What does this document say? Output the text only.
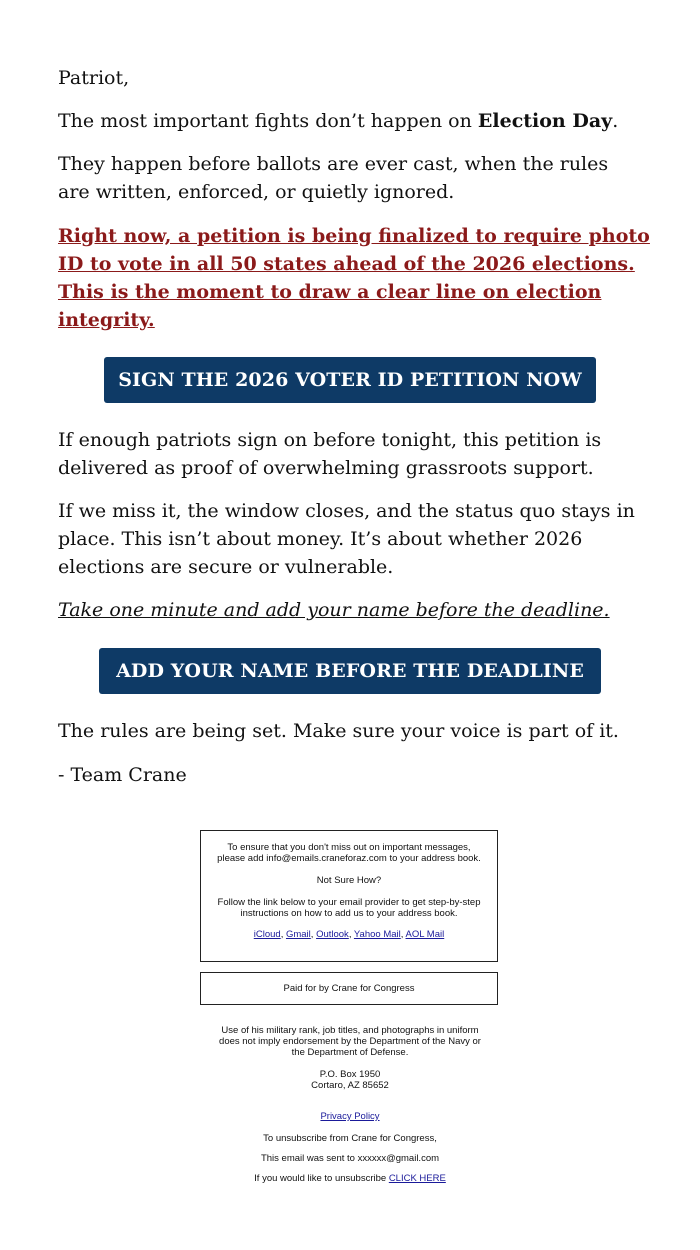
Patriot,
The most important fights don’t happen on Election Day.
They happen before ballots are ever cast, when the rules are written, enforced, or quietly ignored.
Right now, a petition is being finalized to require photo ID to vote in all 50 states ahead of the 2026 elections. This is the moment to draw a clear line on election integrity.
SIGN THE 2026 VOTER ID PETITION NOW
If enough patriots sign on before tonight, this petition is delivered as proof of overwhelming grassroots support.
If we miss it, the window closes, and the status quo stays in place. This isn’t about money. It’s about whether 2026 elections are secure or vulnerable.
Take one minute and add your name before the deadline.
ADD YOUR NAME BEFORE THE DEADLINE
The rules are being set. Make sure your voice is part of it.
- Team Crane
To ensure that you don't miss out on important messages, please add info@emails.craneforaz.com to your address book.
Not Sure How?
Follow the link below to your email provider to get step-by-step instructions on how to add us to your address book.
iCloud, Gmail, Outlook, Yahoo Mail, AOL Mail
Paid for by Crane for Congress
Use of his military rank, job titles, and photographs in uniform does not imply endorsement by the Department of the Navy or the Department of Defense.
P.O. Box 1950
Cortaro, AZ 85652
Privacy Policy
To unsubscribe from Crane for Congress,
This email was sent to xxxxxx@gmail.com
If you would like to unsubscribe CLICK HERE
